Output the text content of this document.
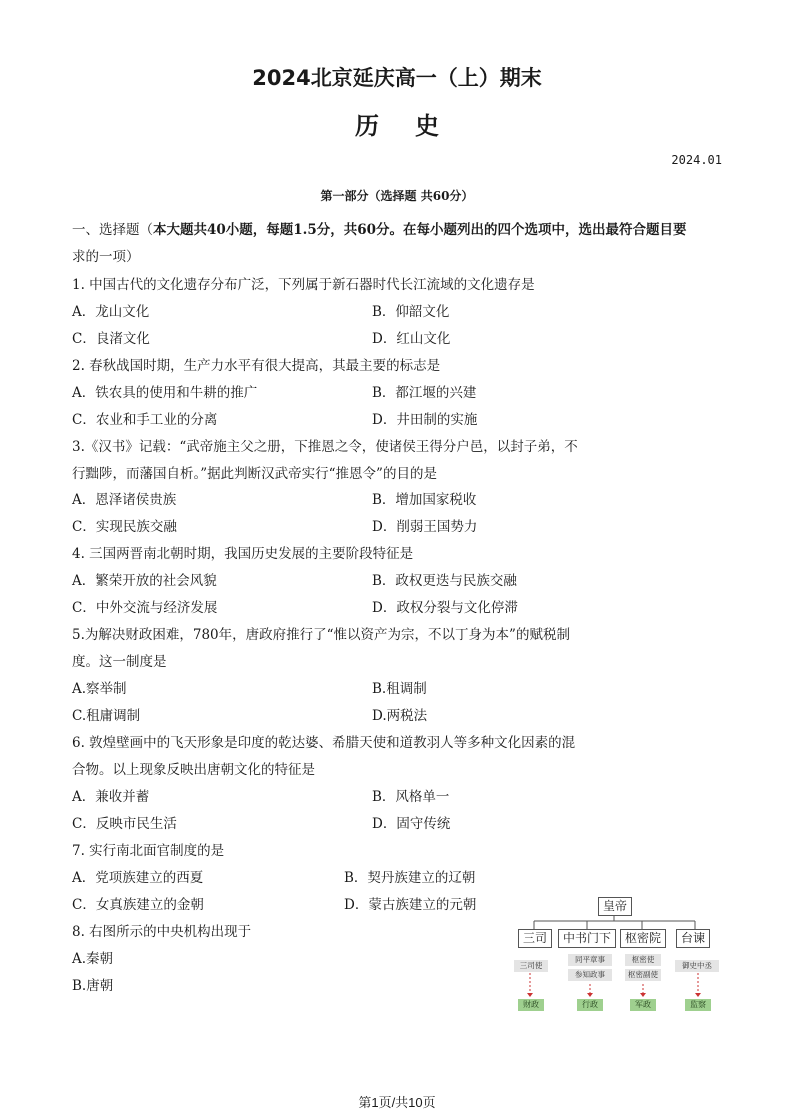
2024北京延庆高一（上）期末
历史
2024.01
第一部分（选择题 共60分）
一、选择题（本大题共40小题，每题1.5分，共60分。在每小题列出的四个选项中，选出最符合题目要
求的一项）
1. 中国古代的文化遗存分布广泛，下列属于新石器时代长江流域的文化遗存是
A．龙山文化	B．仰韶文化
C．良渚文化	D．红山文化
2. 春秋战国时期，生产力水平有很大提高，其最主要的标志是
A．铁农具的使用和牛耕的推广	B．都江堰的兴建
C．农业和手工业的分离	D．井田制的实施
3.《汉书》记载：“武帝施主父之册，下推恩之令，使诸侯王得分户邑，以封子弟，不
行黜陟，而藩国自析。”据此判断汉武帝实行“推恩令”的目的是
A．恩泽诸侯贵族	B．增加国家税收
C．实现民族交融	D．削弱王国势力
4. 三国两晋南北朝时期，我国历史发展的主要阶段特征是
A．繁荣开放的社会风貌	B．政权更迭与民族交融
C．中外交流与经济发展	D．政权分裂与文化停滞
5.为解决财政困难，780年，唐政府推行了“惟以资产为宗，不以丁身为本”的赋税制
度。这一制度是
A.察举制	B.租调制
C.租庸调制	D.两税法
6. 敦煌壁画中的飞天形象是印度的乾达婆、希腊天使和道教羽人等多种文化因素的混
合物。以上现象反映出唐朝文化的特征是
A．兼收并蓄	B．风格单一
C．反映市民生活	D．固守传统
7. 实行南北面官制度的是
A．党项族建立的西夏	B．契丹族建立的辽朝
C．女真族建立的金朝	D．蒙古族建立的元朝
8. 右图所示的中央机构出现于
A.秦朝
B.唐朝
皇帝
三司	中书门下	枢密院	台谏
三司使
同平章事
参知政事
枢密使
枢密副使
御史中丞
财政	行政	军政	监察
第1页/共10页
